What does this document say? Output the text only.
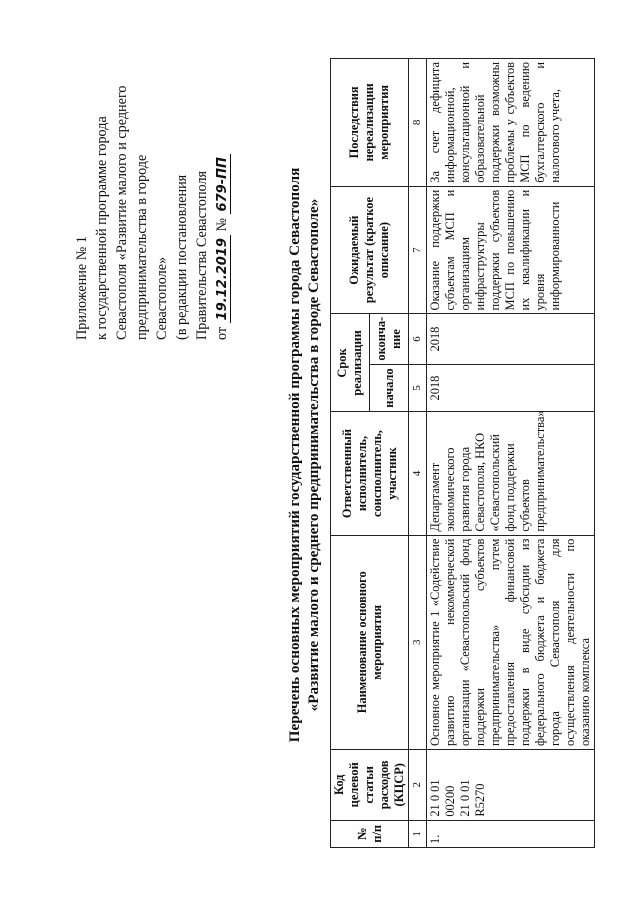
Приложение № 1 к государственной программе города Севастополя «Развитие малого и среднего предпринимательства в городе Севастополе» (в редакции постановления Правительства Севастополя от 19.12.2019 № 679-ПП	Перечень основных мероприятий государственной программы города Севастополя «Развитие малого и среднего предпринимательства в городе Севастополе»
№ п/п	Код целевой статьи расходов (КЦСР)	Наименование основного мероприятия	Ответственный исполнитель, соисполнитель, участник	Срок реализации		Ожидаемый результат (краткое описание)	Последствия нереализации мероприятия
				начало	оконча-ние		
1	2	3	4	5	6	7	8
1.	21 0 01 00200 21 0 01 R5270	Основное мероприятие 1 «Содействие развитию некоммерческой организации «Севастопольский фонд поддержки субъектов предпринимательства» путем предоставления финансовой поддержки в виде субсидии из федерального бюджета и бюджета города Севастополя для осуществления деятельности по оказанию комплекса	Департамент экономического развития города Севастополя, НКО «Севастопольский фонд поддержки субъектов предпринимательства»	2018	2018	Оказание поддержки субъектам МСП и организациям инфраструктуры поддержки субъектов МСП по повышению их квалификации и уровня информированности	За счет дефицита информационной, консультационной и образовательной поддержки возможны проблемы у субъектов МСП по ведению бухгалтерского и налогового учета,
